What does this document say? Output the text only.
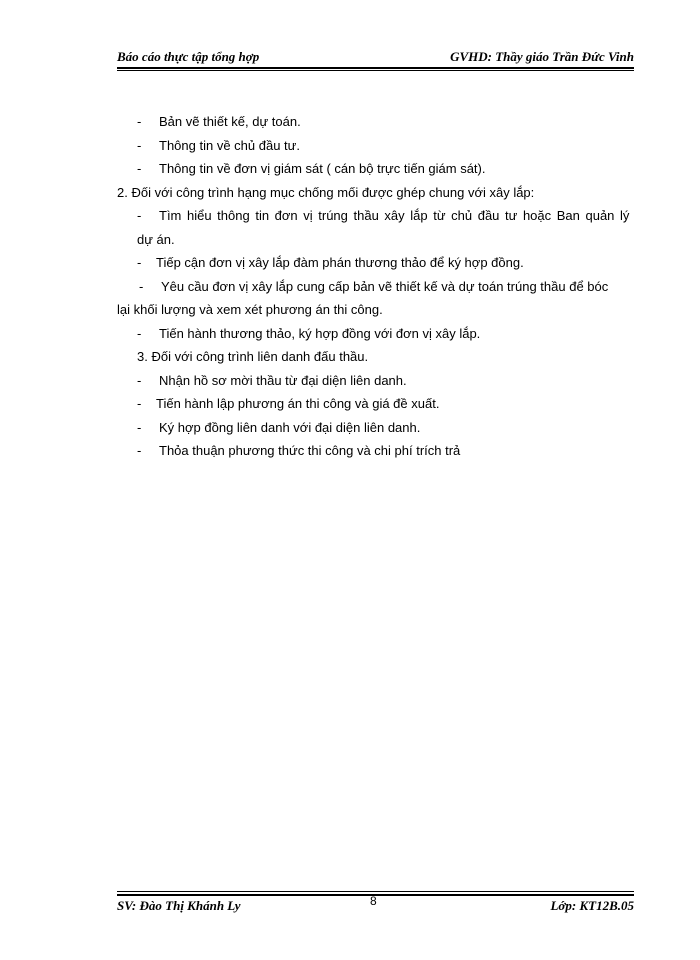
Báo cáo thực tập tổng hợp	GVHD: Thầy giáo Trần Đức Vinh
- Bản vẽ thiết kế, dự toán.
- Thông tin về chủ đầu tư.
- Thông tin về đơn vị giám sát ( cán bộ trực tiến giám sát).
2. Đối với công trình hạng mục chống mối được ghép chung với xây lắp:
- Tìm hiểu thông tin đơn vị trúng thầu xây lắp từ chủ đầu tư hoặc Ban quản lý
dự án.
- Tiếp cận đơn vị xây lắp đàm phán thương thảo để ký hợp đồng.
- Yêu cầu đơn vị xây lắp cung cấp bản vẽ thiết kế và dự toán trúng thầu để bóc
lại khối lượng và xem xét phương án thi công.
- Tiến hành thương thảo, ký hợp đồng với đơn vị xây lắp.
3. Đối với công trình liên danh đấu thầu.
- Nhận hồ sơ mời thầu từ đại diện liên danh.
- Tiến hành lập phương án thi công và giá đề xuất.
- Ký hợp đồng liên danh với đại diện liên danh.
- Thỏa thuận phương thức thi công và chi phí trích trả
SV: Đào Thị Khánh Ly	8	Lớp: KT12B.05
